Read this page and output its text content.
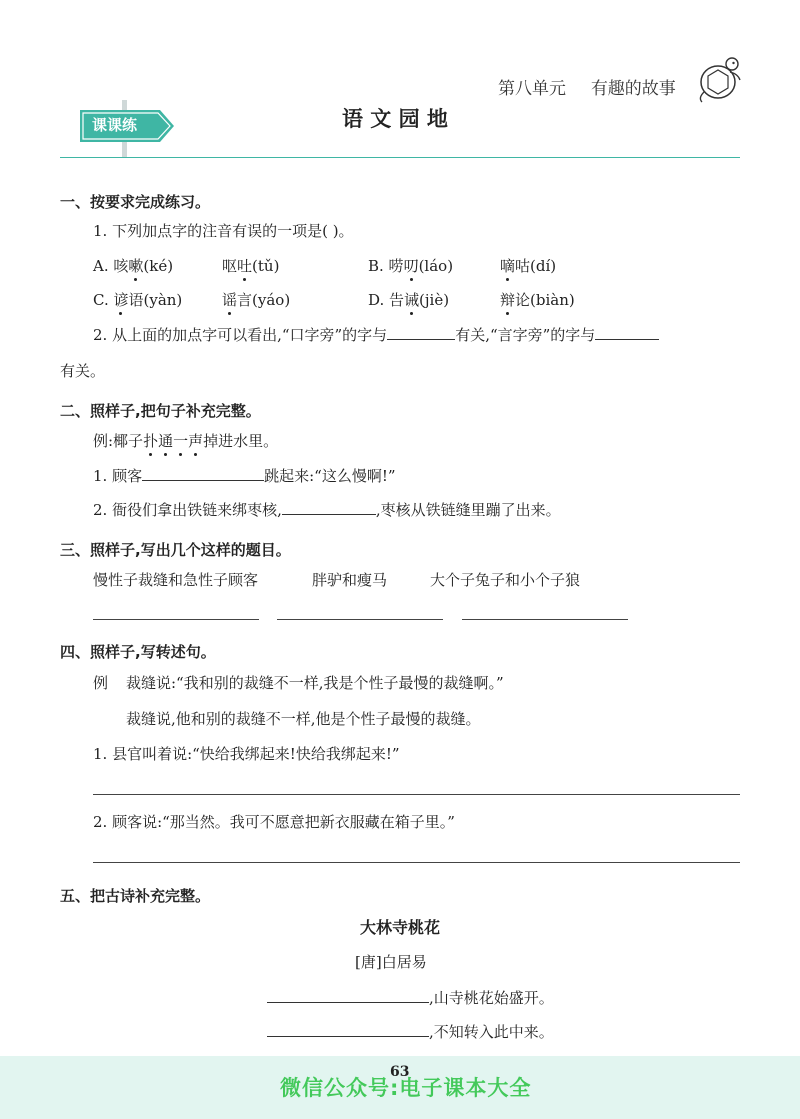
第八单元 有趣的故事
课课练	语 文 园 地
一、按要求完成练习。
1. 下列加点字的注音有误的一项是( )。
A. 咳嗽(ké)	呕吐(tǔ)	B. 唠叨(láo)	嘀咕(dí)
C. 谚语(yàn)	谣言(yáo)	D. 告诫(jiè)	辩论(biàn)
2. 从上面的加点字可以看出,“口字旁”的字与	有关,“言字旁”的字与
有关。
二、照样子,把句子补充完整。
例:椰子扑通一声掉进水里。
1. 顾客	跳起来:“这么慢啊!”
2. 衙役们拿出铁链来绑枣核,	,枣核从铁链缝里蹦了出来。
三、照样子,写出几个这样的题目。
慢性子裁缝和急性子顾客	胖驴和瘦马	大个子兔子和小个子狼
四、照样子,写转述句。
例 裁缝说:“我和别的裁缝不一样,我是个性子最慢的裁缝啊。”
裁缝说,他和别的裁缝不一样,他是个性子最慢的裁缝。
1. 县官叫着说:“快给我绑起来!快给我绑起来!”
2. 顾客说:“那当然。我可不愿意把新衣服藏在箱子里。”
五、把古诗补充完整。
大林寺桃花
[唐]白居易
,山寺桃花始盛开。
,不知转入此中来。
63
微信公众号:电子课本大全
